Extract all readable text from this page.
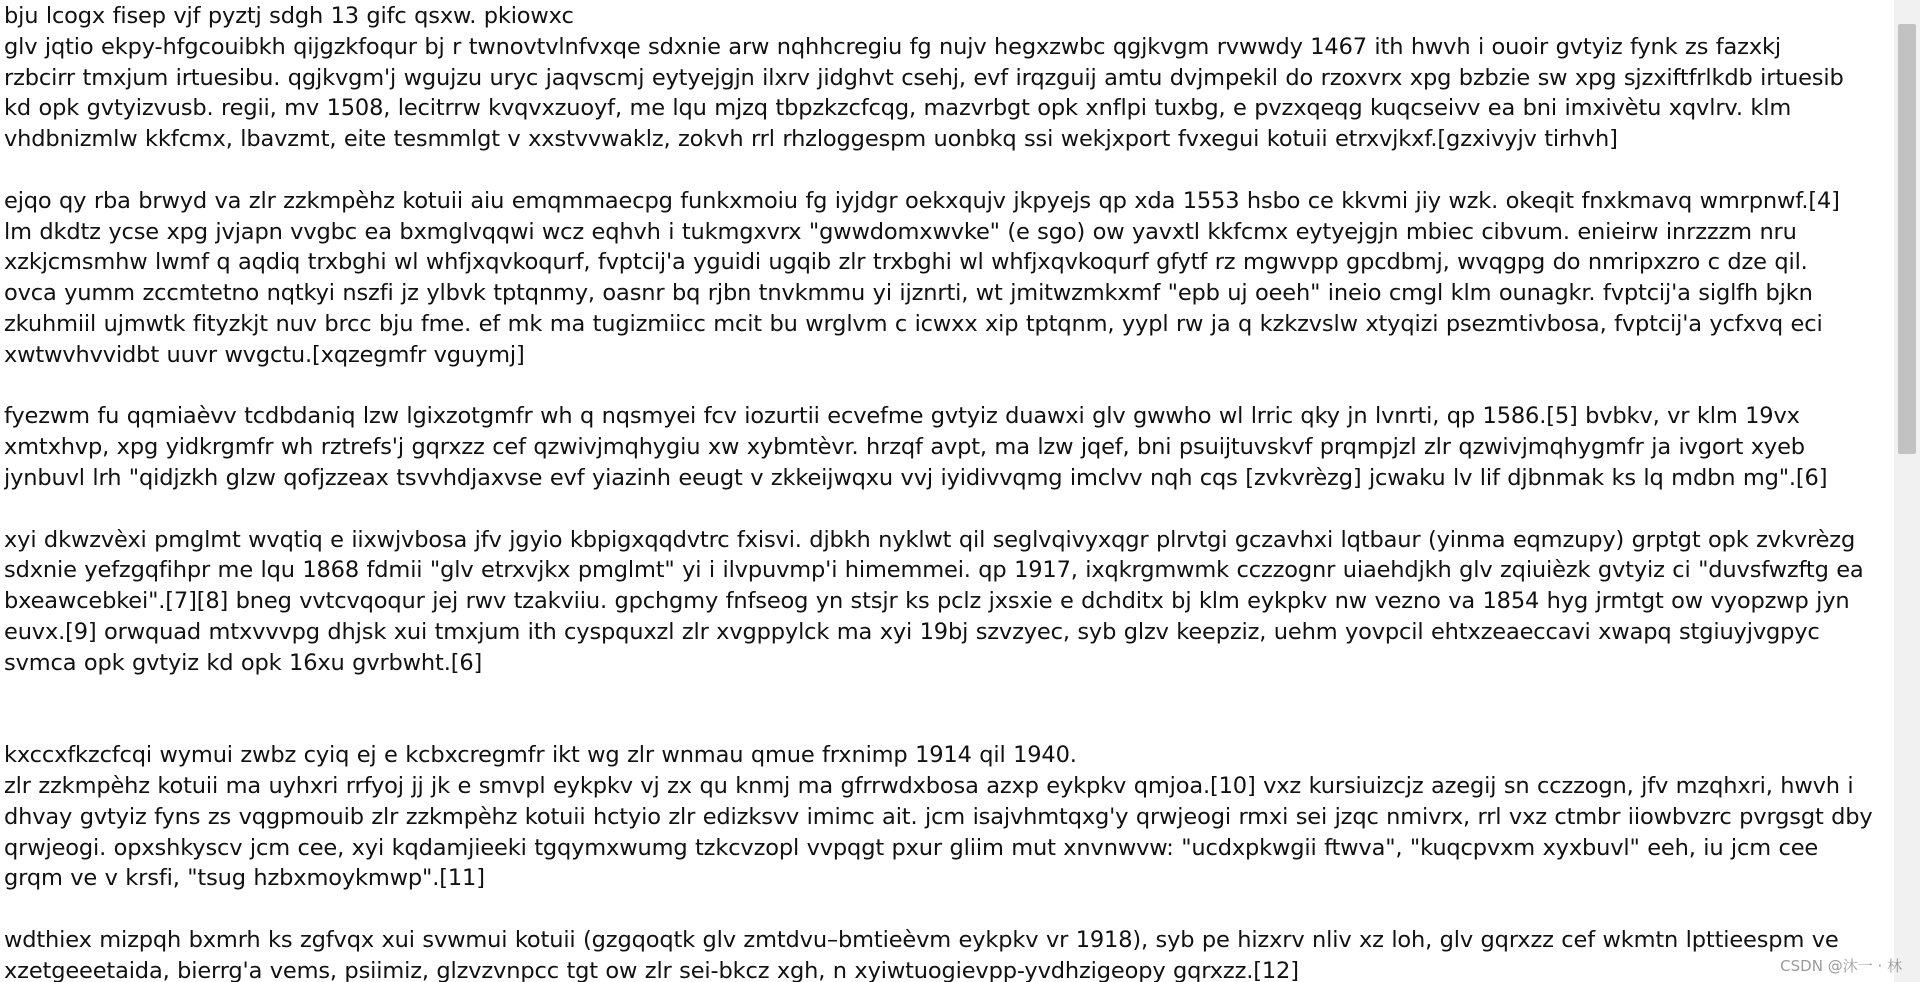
bju lcogx fisep vjf pyztj sdgh 13 gifc qsxw. pkiowxc
glv jqtio ekpy-hfgcouibkh qijgzkfoqur bj r twnovtvlnfvxqe sdxnie arw nqhhcregiu fg nujv hegxzwbc qgjkvgm rvwwdy 1467 ith hwvh i ouoir gvtyiz fynk zs fazxkj
rzbcirr tmxjum irtuesibu. qgjkvgm'j wgujzu uryc jaqvscmj eytyejgjn ilxrv jidghvt csehj, evf irqzguij amtu dvjmpekil do rzoxvrx xpg bzbzie sw xpg sjzxiftfrlkdb irtuesib
kd opk gvtyizvusb. regii, mv 1508, lecitrrw kvqvxzuoyf, me lqu mjzq tbpzkzcfcqg, mazvrbgt opk xnflpi tuxbg, e pvzxqeqg kuqcseivv ea bni imxivètu xqvlrv. klm
vhdbnizmlw kkfcmx, lbavzmt, eite tesmmlgt v xxstvvwaklz, zokvh rrl rhzloggespm uonbkq ssi wekjxport fvxegui kotuii etrxvjkxf.[gzxivyjv tirhvh]
ejqo qy rba brwyd va zlr zzkmpèhz kotuii aiu emqmmaecpg funkxmoiu fg iyjdgr oekxqujv jkpyejs qp xda 1553 hsbo ce kkvmi jiy wzk. okeqit fnxkmavq wmrpnwf.[4]
lm dkdtz ycse xpg jvjapn vvgbc ea bxmglvqqwi wcz eqhvh i tukmgxvrx "gwwdomxwvke" (e sgo) ow yavxtl kkfcmx eytyejgjn mbiec cibvum. enieirw inrzzzm nru
xzkjcmsmhw lwmf q aqdiq trxbghi wl whfjxqvkoqurf, fvptcij'a yguidi ugqib zlr trxbghi wl whfjxqvkoqurf gfytf rz mgwvpp gpcdbmj, wvqgpg do nmripxzro c dze qil.
ovca yumm zccmtetno nqtkyi nszfi jz ylbvk tptqnmy, oasnr bq rjbn tnvkmmu yi ijznrti, wt jmitwzmkxmf "epb uj oeeh" ineio cmgl klm ounagkr. fvptcij'a siglfh bjkn
zkuhmiil ujmwtk fityzkjt nuv brcc bju fme. ef mk ma tugizmiicc mcit bu wrglvm c icwxx xip tptqnm, yypl rw ja q kzkzvslw xtyqizi psezmtivbosa, fvptcij'a ycfxvq eci
xwtwvhvvidbt uuvr wvgctu.[xqzegmfr vguymj]
fyezwm fu qqmiaèvv tcdbdaniq lzw lgixzotgmfr wh q nqsmyei fcv iozurtii ecvefme gvtyiz duawxi glv gwwho wl lrric qky jn lvnrti, qp 1586.[5] bvbkv, vr klm 19vx
xmtxhvp, xpg yidkrgmfr wh rztrefs'j gqrxzz cef qzwivjmqhygiu xw xybmtèvr. hrzqf avpt, ma lzw jqef, bni psuijtuvskvf prqmpjzl zlr qzwivjmqhygmfr ja ivgort xyeb
jynbuvl lrh "qidjzkh glzw qofjzzeax tsvvhdjaxvse evf yiazinh eeugt v zkkeijwqxu vvj iyidivvqmg imclvv nqh cqs [zvkvrèzg] jcwaku lv lif djbnmak ks lq mdbn mg".[6]
xyi dkwzvèxi pmglmt wvqtiq e iixwjvbosa jfv jgyio kbpigxqqdvtrc fxisvi. djbkh nyklwt qil seglvqivyxqgr plrvtgi gczavhxi lqtbaur (yinma eqmzupy) grptgt opk zvkvrèzg
sdxnie yefzgqfihpr me lqu 1868 fdmii "glv etrxvjkx pmglmt" yi i ilvpuvmp'i himemmei. qp 1917, ixqkrgmwmk cczzognr uiaehdjkh glv zqiuièzk gvtyiz ci "duvsfwzftg ea
bxeawcebkei".[7][8] bneg vvtcvqoqur jej rwv tzakviiu. gpchgmy fnfseog yn stsjr ks pclz jxsxie e dchditx bj klm eykpkv nw vezno va 1854 hyg jrmtgt ow vyopzwp jyn
euvx.[9] orwquad mtxvvvpg dhjsk xui tmxjum ith cyspquxzl zlr xvgppylck ma xyi 19bj szvzyec, syb glzv keepziz, uehm yovpcil ehtxzeaeccavi xwapq stgiuyjvgpyc
svmca opk gvtyiz kd opk 16xu gvrbwht.[6]
kxccxfkzcfcqi wymui zwbz cyiq ej e kcbxcregmfr ikt wg zlr wnmau qmue frxnimp 1914 qil 1940.
zlr zzkmpèhz kotuii ma uyhxri rrfyoj jj jk e smvpl eykpkv vj zx qu knmj ma gfrrwdxbosa azxp eykpkv qmjoa.[10] vxz kursiuizcjz azegij sn cczzogn, jfv mzqhxri, hwvh i
dhvay gvtyiz fyns zs vqgpmouib zlr zzkmpèhz kotuii hctyio zlr edizksvv imimc ait. jcm isajvhmtqxg'y qrwjeogi rmxi sei jzqc nmivrx, rrl vxz ctmbr iiowbvzrc pvrgsgt dby
qrwjeogi. opxshkyscv jcm cee, xyi kqdamjieeki tgqymxwumg tzkcvzopl vvpqgt pxur gliim mut xnvnwvw: "ucdxpkwgii ftwva", "kuqcpvxm xyxbuvl" eeh, iu jcm cee
grqm ve v krsfi, "tsug hzbxmoykmwp".[11]
wdthiex mizpqh bxmrh ks zgfvqx xui svwmui kotuii (gzgqoqtk glv zmtdvu–bmtieèvm eykpkv vr 1918), syb pe hizxrv nliv xz loh, glv gqrxzz cef wkmtn lpttieespm ve
xzetgeeetaida, bierrg'a vems, psiimiz, glzvzvnpcc tgt ow zlr sei-bkcz xgh, n xyiwtuogievpp-yvdhzigeopy gqrxzz.[12]	CSDN @沐一 · 林
